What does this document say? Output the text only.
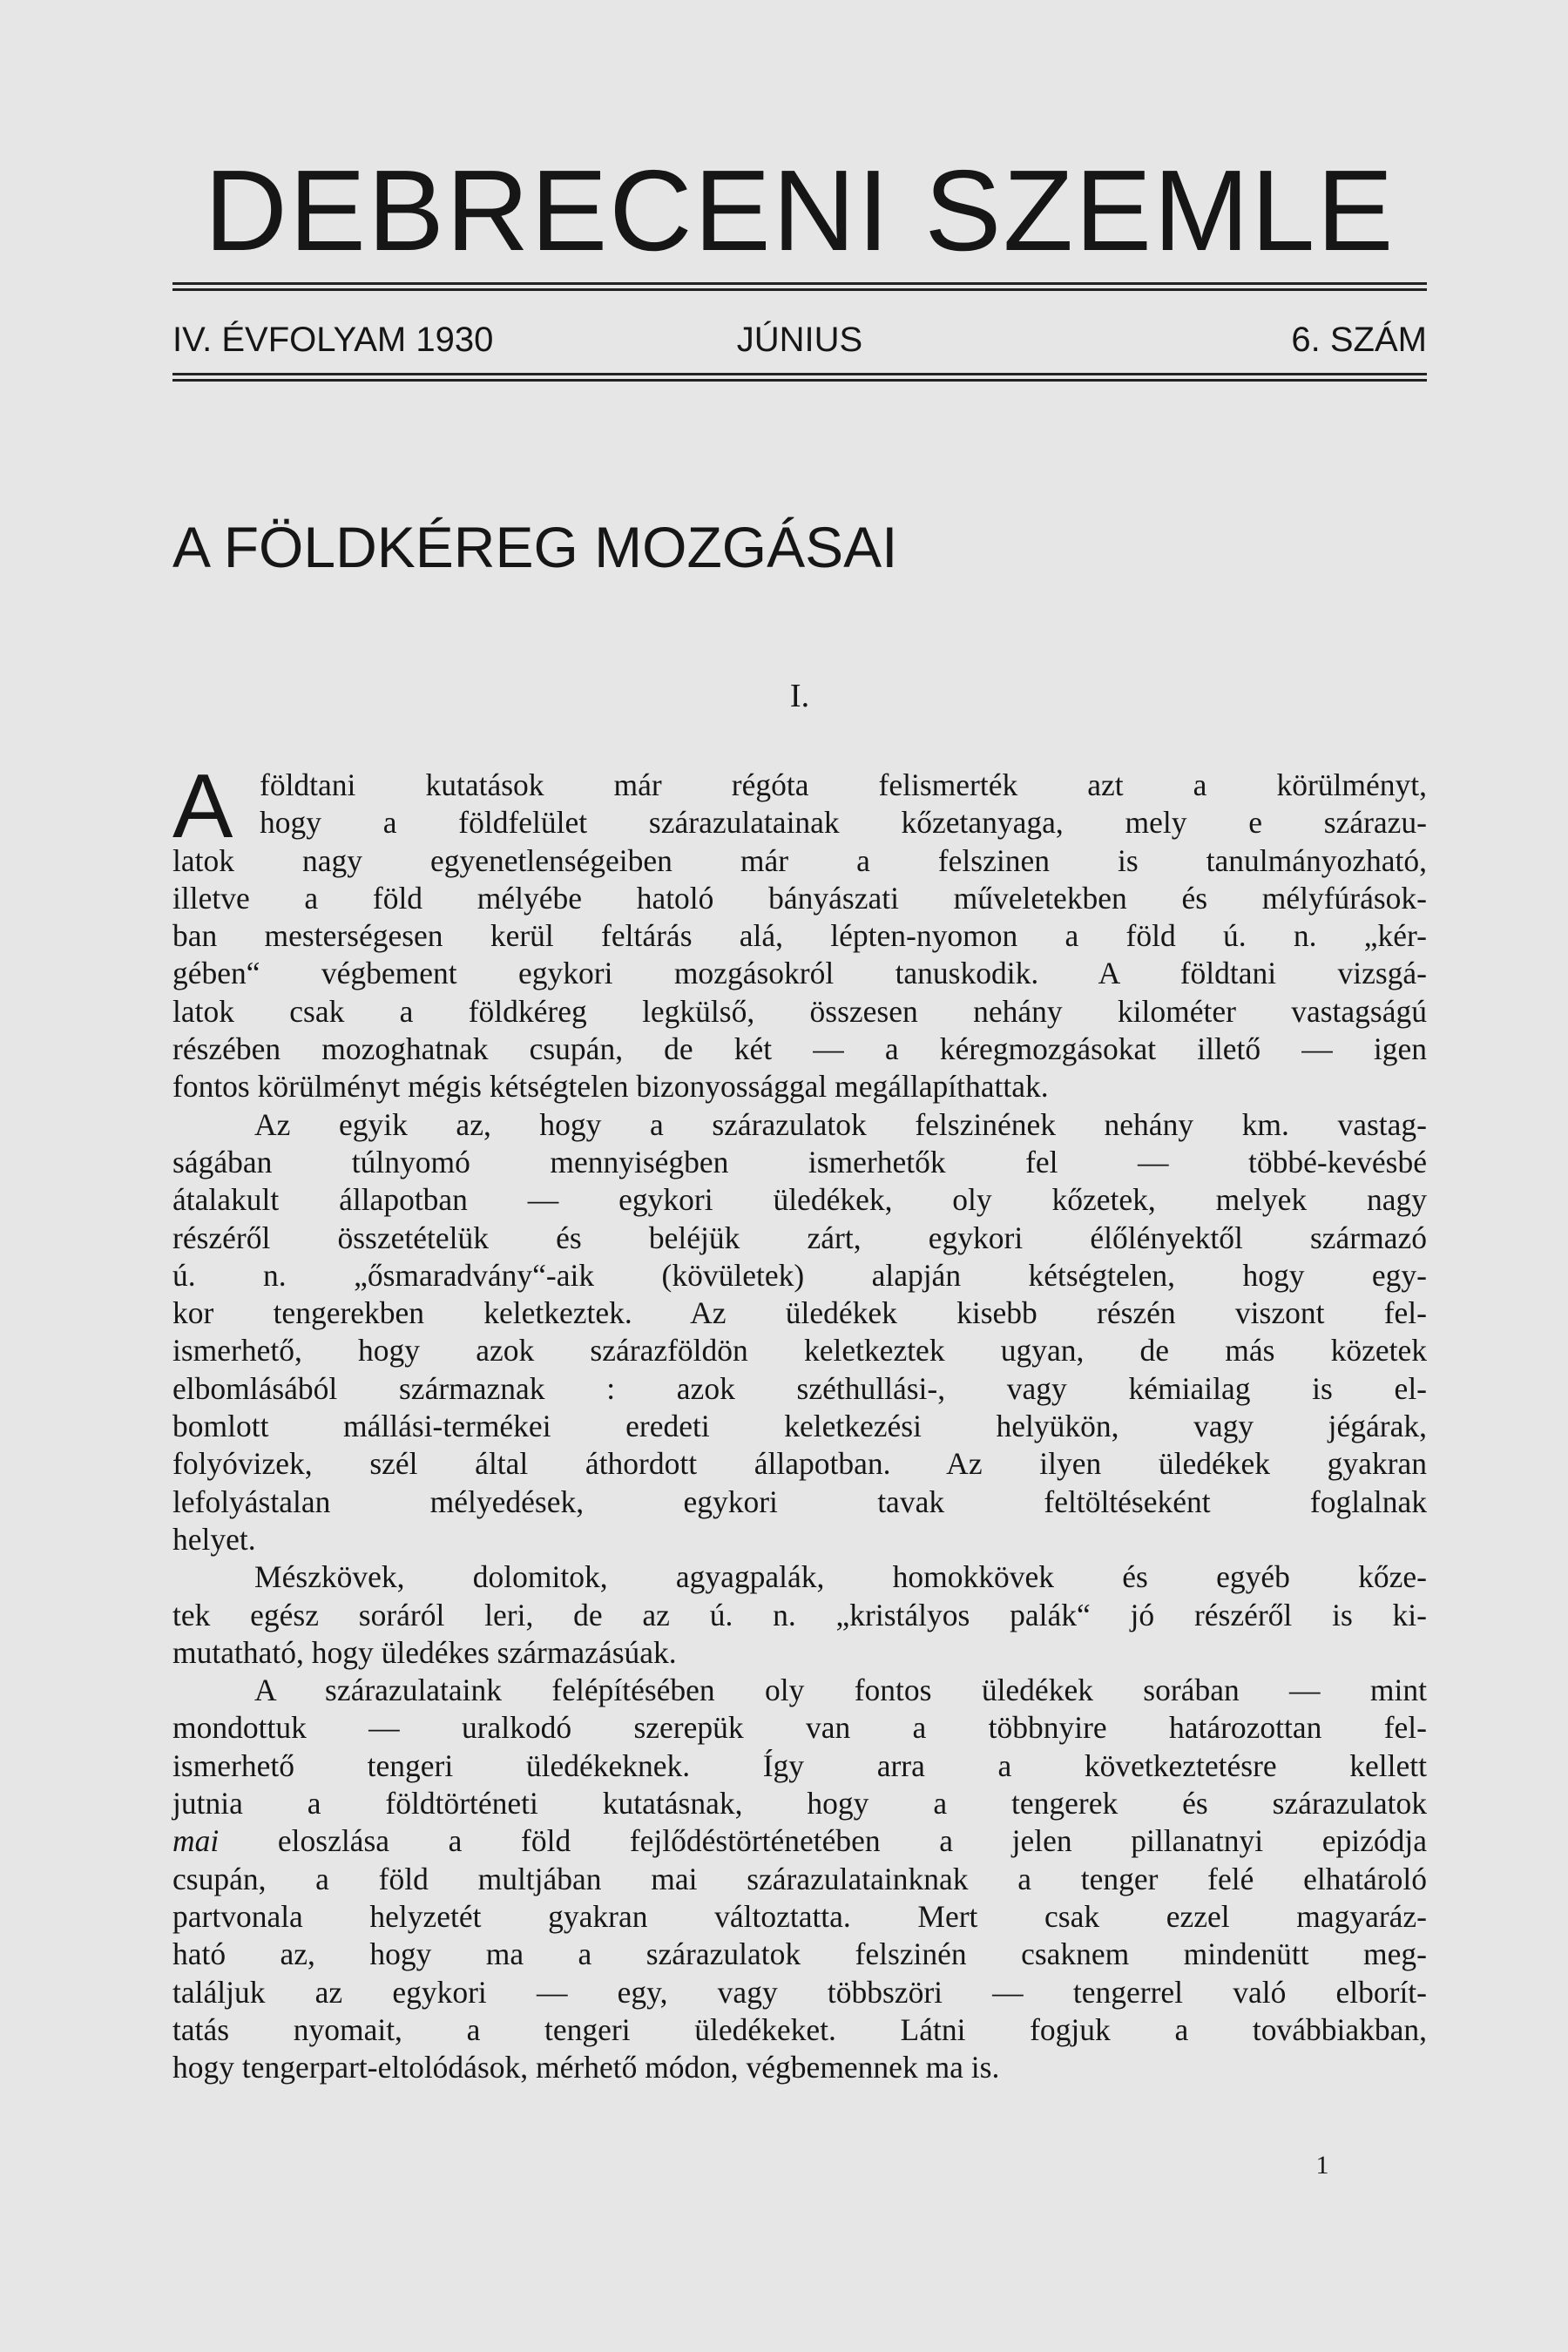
DEBRECENI SZEMLE
IV. ÉVFOLYAM 1930	JÚNIUS	6. SZÁM
A FÖLDKÉREG MOZGÁSAI
I.
A földtani kutatások már régóta felismerték azt a körülményt,
hogy a földfelület szárazulatainak kőzetanyaga, mely e szárazu-
latok nagy egyenetlenségeiben már a felszinen is tanulmányozható,
illetve a föld mélyébe hatoló bányászati műveletekben és mélyfúrások-
ban mesterségesen kerül feltárás alá, lépten-nyomon a föld ú. n. „kér-
gében“ végbement egykori mozgásokról tanuskodik. A földtani vizsgá-
latok csak a földkéreg legkülső, összesen nehány kilométer vastagságú
részében mozoghatnak csupán, de két — a kéregmozgásokat illető — igen
fontos körülményt mégis kétségtelen bizonyossággal megállapíthattak.
Az egyik az, hogy a szárazulatok felszinének nehány km. vastag-
ságában túlnyomó mennyiségben ismerhetők fel — többé-kevésbé
átalakult állapotban — egykori üledékek, oly kőzetek, melyek nagy
részéről összetételük és beléjük zárt, egykori élőlényektől származó
ú. n. „ősmaradvány“-aik (kövületek) alapján kétségtelen, hogy egy-
kor tengerekben keletkeztek. Az üledékek kisebb részén viszont fel-
ismerhető, hogy azok szárazföldön keletkeztek ugyan, de más közetek
elbomlásából származnak : azok széthullási-, vagy kémiailag is el-
bomlott mállási-termékei eredeti keletkezési helyükön, vagy jégárak,
folyóvizek, szél által áthordott állapotban. Az ilyen üledékek gyakran
lefolyástalan mélyedések, egykori tavak feltöltéseként foglalnak
helyet.
Mészkövek, dolomitok, agyagpalák, homokkövek és egyéb kőze-
tek egész soráról leri, de az ú. n. „kristályos palák“ jó részéről is ki-
mutatható, hogy üledékes származásúak.
A szárazulataink felépítésében oly fontos üledékek sorában — mint
mondottuk — uralkodó szerepük van a többnyire határozottan fel-
ismerhető tengeri üledékeknek. Így arra a következtetésre kellett
jutnia a földtörténeti kutatásnak, hogy a tengerek és szárazulatok
mai eloszlása a föld fejlődéstörténetében a jelen pillanatnyi epizódja
csupán, a föld multjában mai szárazulatainknak a tenger felé elhatároló
partvonala helyzetét gyakran változtatta. Mert csak ezzel magyaráz-
ható az, hogy ma a szárazulatok felszinén csaknem mindenütt meg-
találjuk az egykori — egy, vagy többszöri — tengerrel való elborít-
tatás nyomait, a tengeri üledékeket. Látni fogjuk a továbbiakban,
hogy tengerpart-eltolódások, mérhető módon, végbemennek ma is.
1
